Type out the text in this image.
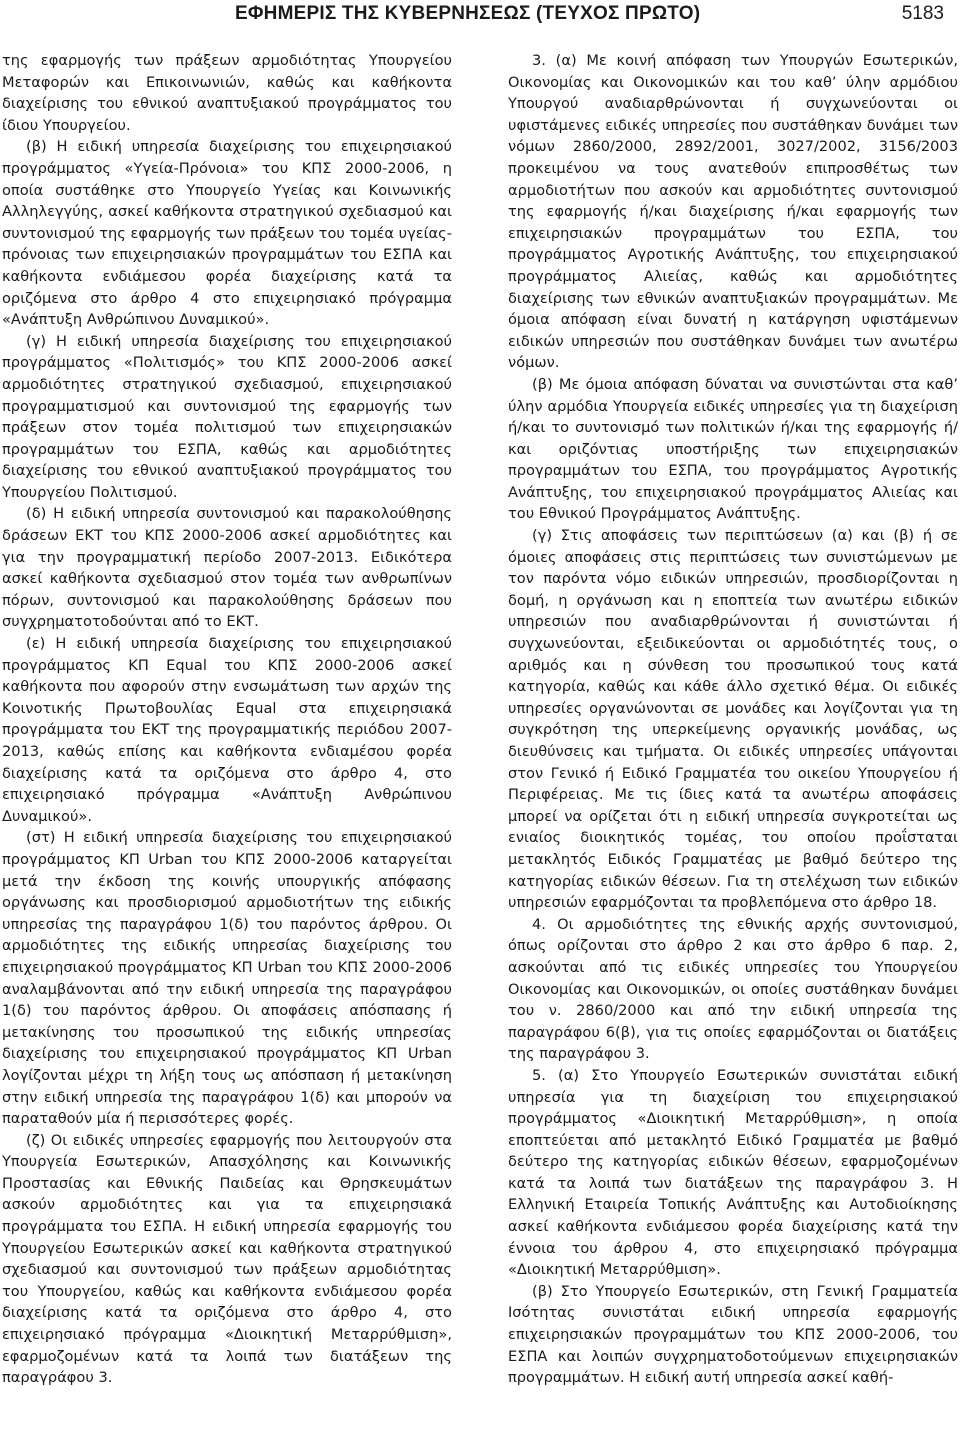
ΕΦΗΜΕΡΙΣ ΤΗΣ ΚΥΒΕΡΝΗΣΕΩΣ (ΤΕΥΧΟΣ ΠΡΩΤΟ)	5183

της εφαρμογής των πράξεων αρμοδιότητας Υπουργείου Μεταφορών και Επικοινωνιών, καθώς και καθήκοντα διαχείρισης του εθνικού αναπτυξιακού προγράμματος του ίδιου Υπουργείου.

(β) Η ειδική υπηρεσία διαχείρισης του επιχειρησιακού προγράμματος «Υγεία-Πρόνοια» του ΚΠΣ 2000-2006, η οποία συστάθηκε στο Υπουργείο Υγείας και Κοινωνικής Αλληλεγγύης, ασκεί καθήκοντα στρατηγικού σχεδιασμού και συντονισμού της εφαρμογής των πράξεων του τομέα υγείας-πρόνοιας των επιχειρησιακών προγραμμάτων του ΕΣΠΑ και καθήκοντα ενδιάμεσου φορέα διαχείρισης κατά τα οριζόμενα στο άρθρο 4 στο επιχειρησιακό πρόγραμμα «Ανάπτυξη Ανθρώπινου Δυναμικού».

(γ) Η ειδική υπηρεσία διαχείρισης του επιχειρησιακού προγράμματος «Πολιτισμός» του ΚΠΣ 2000-2006 ασκεί αρμοδιότητες στρατηγικού σχεδιασμού, επιχειρησιακού προγραμματισμού και συντονισμού της εφαρμογής των πράξεων στον τομέα πολιτισμού των επιχειρησιακών προγραμμάτων του ΕΣΠΑ, καθώς και αρμοδιότητες διαχείρισης του εθνικού αναπτυξιακού προγράμματος του Υπουργείου Πολιτισμού.

(δ) Η ειδική υπηρεσία συντονισμού και παρακολούθησης δράσεων ΕΚΤ του ΚΠΣ 2000-2006 ασκεί αρμοδιότητες και για την προγραμματική περίοδο 2007-2013. Ειδικότερα ασκεί καθήκοντα σχεδιασμού στον τομέα των ανθρωπίνων πόρων, συντονισμού και παρακολούθησης δράσεων που συγχρηματοτοδούνται από το ΕΚΤ.

(ε) Η ειδική υπηρεσία διαχείρισης του επιχειρησιακού προγράμματος ΚΠ Equal του ΚΠΣ 2000-2006 ασκεί καθήκοντα που αφορούν στην ενσωμάτωση των αρχών της Κοινοτικής Πρωτοβουλίας Equal στα επιχειρησιακά προγράμματα του ΕΚΤ της προγραμματικής περιόδου 2007-2013, καθώς επίσης και καθήκοντα ενδιαμέσου φορέα διαχείρισης κατά τα οριζόμενα στο άρθρο 4, στο επιχειρησιακό πρόγραμμα «Ανάπτυξη Ανθρώπινου Δυναμικού».

(στ) Η ειδική υπηρεσία διαχείρισης του επιχειρησιακού προγράμματος ΚΠ Urban του ΚΠΣ 2000-2006 καταργείται μετά την έκδοση της κοινής υπουργικής απόφασης οργάνωσης και προσδιορισμού αρμοδιοτήτων της ειδικής υπηρεσίας της παραγράφου 1(δ) του παρόντος άρθρου. Οι αρμοδιότητες της ειδικής υπηρεσίας διαχείρισης του επιχειρησιακού προγράμματος ΚΠ Urban του ΚΠΣ 2000-2006 αναλαμβάνονται από την ειδική υπηρεσία της παραγράφου 1(δ) του παρόντος άρθρου. Οι αποφάσεις απόσπασης ή μετακίνησης του προσωπικού της ειδικής υπηρεσίας διαχείρισης του επιχειρησιακού προγράμματος ΚΠ Urban λογίζονται μέχρι τη λήξη τους ως απόσπαση ή μετακίνηση στην ειδική υπηρεσία της παραγράφου 1(δ) και μπορούν να παραταθούν μία ή περισσότερες φορές.

(ζ) Οι ειδικές υπηρεσίες εφαρμογής που λειτουργούν στα Υπουργεία Εσωτερικών, Απασχόλησης και Κοινωνικής Προστασίας και Εθνικής Παιδείας και Θρησκευμάτων ασκούν αρμοδιότητες και για τα επιχειρησιακά προγράμματα του ΕΣΠΑ. Η ειδική υπηρεσία εφαρμογής του Υπουργείου Εσωτερικών ασκεί και καθήκοντα στρατηγικού σχεδιασμού και συντονισμού των πράξεων αρμοδιότητας του Υπουργείου, καθώς και καθήκοντα ενδιάμεσου φορέα διαχείρισης κατά τα οριζόμενα στο άρθρο 4, στο επιχειρησιακό πρόγραμμα «Διοικητική Μεταρρύθμιση», εφαρμοζομένων κατά τα λοιπά των διατάξεων της παραγράφου 3.

3. (α) Με κοινή απόφαση των Υπουργών Εσωτερικών, Οικονομίας και Οικονομικών και του καθ’ ύλην αρμόδιου Υπουργού αναδιαρθρώνονται ή συγχωνεύονται οι υφιστάμενες ειδικές υπηρεσίες που συστάθηκαν δυνάμει των νόμων 2860/2000, 2892/2001, 3027/2002, 3156/2003 προκειμένου να τους ανατεθούν επιπροσθέτως των αρμοδιοτήτων που ασκούν και αρμοδιότητες συντονισμού της εφαρμογής ή/και διαχείρισης ή/και εφαρμογής των επιχειρησιακών προγραμμάτων του ΕΣΠΑ, του προγράμματος Αγροτικής Ανάπτυξης, του επιχειρησιακού προγράμματος Αλιείας, καθώς και αρμοδιότητες διαχείρισης των εθνικών αναπτυξιακών προγραμμάτων. Με όμοια απόφαση είναι δυνατή η κατάργηση υφιστάμενων ειδικών υπηρεσιών που συστάθηκαν δυνάμει των ανωτέρω νόμων.

(β) Με όμοια απόφαση δύναται να συνιστώνται στα καθ’ ύλην αρμόδια Υπουργεία ειδικές υπηρεσίες για τη διαχείριση ή/και το συντονισμό των πολιτικών ή/και της εφαρμογής ή/και οριζόντιας υποστήριξης των επιχειρησιακών προγραμμάτων του ΕΣΠΑ, του προγράμματος Αγροτικής Ανάπτυξης, του επιχειρησιακού προγράμματος Αλιείας και του Εθνικού Προγράμματος Ανάπτυξης.

(γ) Στις αποφάσεις των περιπτώσεων (α) και (β) ή σε όμοιες αποφάσεις στις περιπτώσεις των συνιστώμενων με τον παρόντα νόμο ειδικών υπηρεσιών, προσδιορίζονται η δομή, η οργάνωση και η εποπτεία των ανωτέρω ειδικών υπηρεσιών που αναδιαρθρώνονται ή συνιστώνται ή συγχωνεύονται, εξειδικεύονται οι αρμοδιότητές τους, ο αριθμός και η σύνθεση του προσωπικού τους κατά κατηγορία, καθώς και κάθε άλλο σχετικό θέμα. Οι ειδικές υπηρεσίες οργανώνονται σε μονάδες και λογίζονται για τη συγκρότηση της υπερκείμενης οργανικής μονάδας, ως διευθύνσεις και τμήματα. Οι ειδικές υπηρεσίες υπάγονται στον Γενικό ή Ειδικό Γραμματέα του οικείου Υπουργείου ή Περιφέρειας. Με τις ίδιες κατά τα ανωτέρω αποφάσεις μπορεί να ορίζεται ότι η ειδική υπηρεσία συγκροτείται ως ενιαίος διοικητικός τομέας, του οποίου προΐσταται μετακλητός Ειδικός Γραμματέας με βαθμό δεύτερο της κατηγορίας ειδικών θέσεων. Για τη στελέχωση των ειδικών υπηρεσιών εφαρμόζονται τα προβλεπόμενα στο άρθρο 18.

4. Οι αρμοδιότητες της εθνικής αρχής συντονισμού, όπως ορίζονται στο άρθρο 2 και στο άρθρο 6 παρ. 2, ασκούνται από τις ειδικές υπηρεσίες του Υπουργείου Οικονομίας και Οικονομικών, οι οποίες συστάθηκαν δυνάμει του ν. 2860/2000 και από την ειδική υπηρεσία της παραγράφου 6(β), για τις οποίες εφαρμόζονται οι διατάξεις της παραγράφου 3.

5. (α) Στο Υπουργείο Εσωτερικών συνιστάται ειδική υπηρεσία για τη διαχείριση του επιχειρησιακού προγράμματος «Διοικητική Μεταρρύθμιση», η οποία εποπτεύεται από μετακλητό Ειδικό Γραμματέα με βαθμό δεύτερο της κατηγορίας ειδικών θέσεων, εφαρμοζομένων κατά τα λοιπά των διατάξεων της παραγράφου 3. Η Ελληνική Εταιρεία Τοπικής Ανάπτυξης και Αυτοδιοίκησης ασκεί καθήκοντα ενδιάμεσου φορέα διαχείρισης κατά την έννοια του άρθρου 4, στο επιχειρησιακό πρόγραμμα «Διοικητική Μεταρρύθμιση».

(β) Στο Υπουργείο Εσωτερικών, στη Γενική Γραμματεία Ισότητας συνιστάται ειδική υπηρεσία εφαρμογής επιχειρησιακών προγραμμάτων του ΚΠΣ 2000-2006, του ΕΣΠΑ και λοιπών συγχρηματοδοτούμενων επιχειρησιακών προγραμμάτων. Η ειδική αυτή υπηρεσία ασκεί καθή-
